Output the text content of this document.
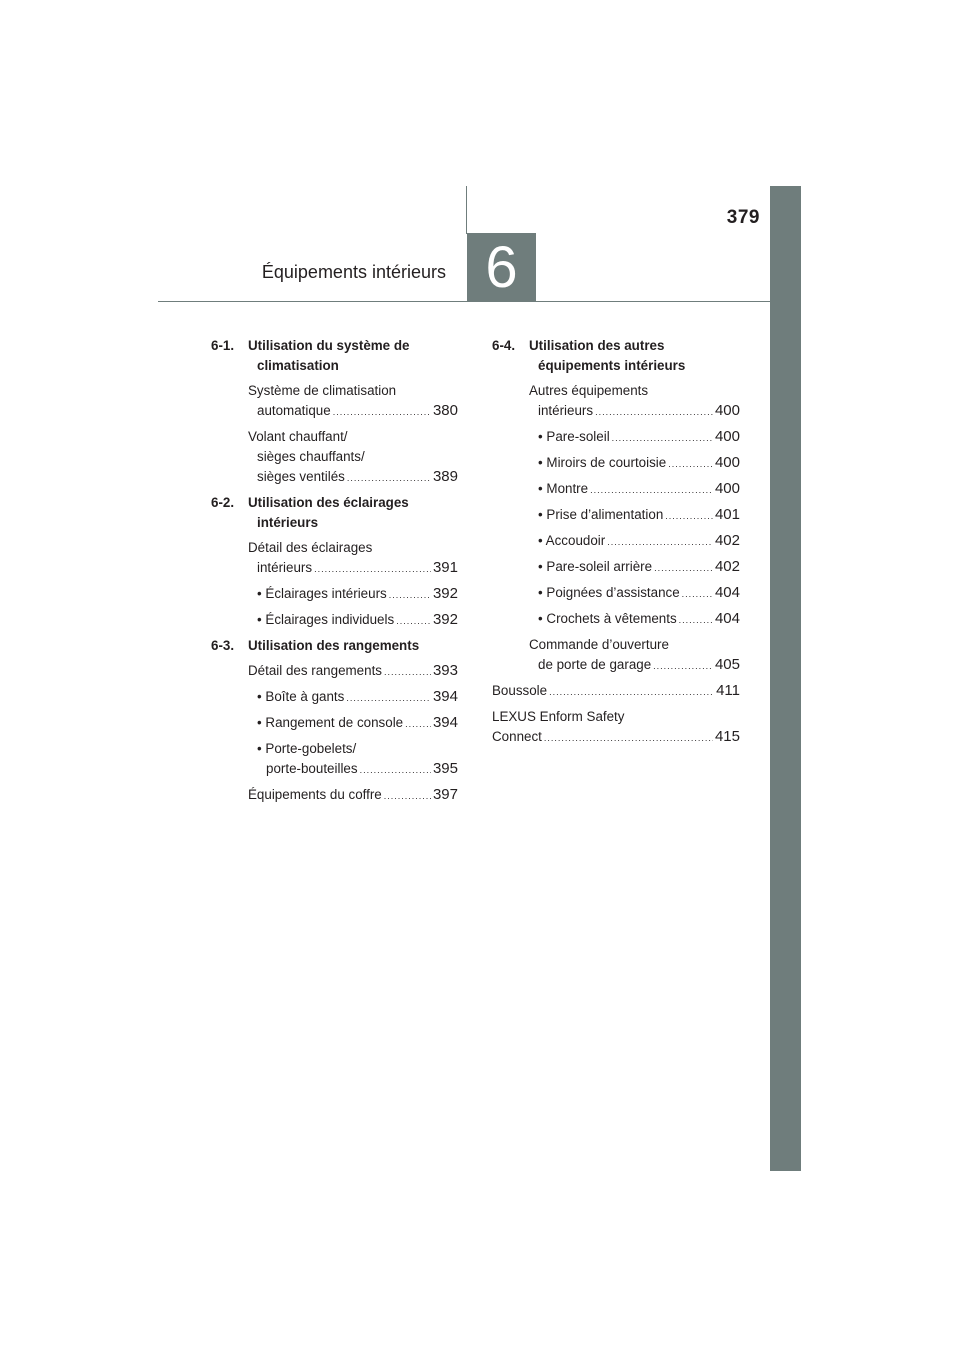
379
Équipements intérieurs 6
6-1. Utilisation du système de
climatisation
Système de climatisation
automatique .....	380
Volant chauffant/
sièges chauffants/
sièges ventilés .....	389
6-2. Utilisation des éclairages
intérieurs
Détail des éclairages
intérieurs .....	391
• Éclairages intérieurs .....	392
• Éclairages individuels .....	392
6-3. Utilisation des rangements
Détail des rangements .....	393
• Boîte à gants .....	394
• Rangement de console ..... 394
• Porte-gobelets/
porte-bouteilles .....	395
Équipements du coffre .....	397
6-4. Utilisation des autres
équipements intérieurs
Autres équipements
intérieurs .....	400
• Pare-soleil .....	400
• Miroirs de courtoisie .....	400
• Montre .....	400
• Prise d’alimentation .....	401
• Accoudoir .....	402
• Pare-soleil arrière .....	402
• Poignées d’assistance ..... 404
• Crochets à vêtements .....	404
Commande d’ouverture
de porte de garage .....	405
Boussole .....	411
LEXUS Enform Safety
Connect .....	415
